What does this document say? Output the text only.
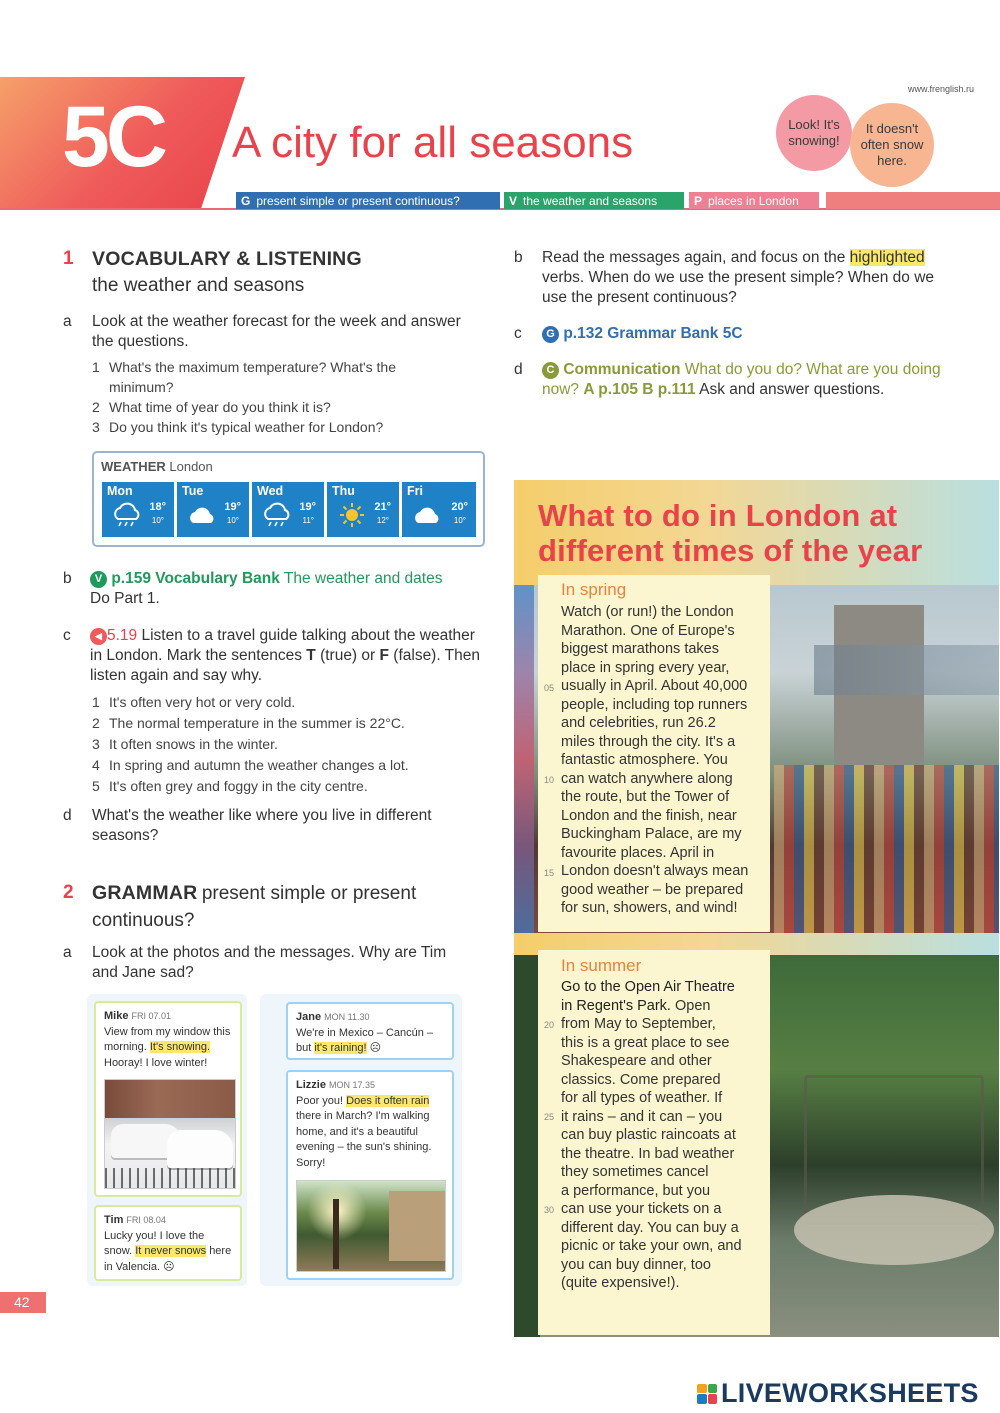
5C A city for all seasons
www.frenglish.ru
Look! It's snowing!
It doesn't often snow here.
G present simple or present continuous?	V the weather and seasons	P places in London
1 VOCABULARY & LISTENING
the weather and seasons
a Look at the weather forecast for the week and answer the questions.
1 What's the maximum temperature? What's the minimum?
2 What time of year do you think it is?
3 Do you think it's typical weather for London?
WEATHER London
Mon
18°
10°
Tue
19°
10°
Wed
19°
11°
Thu
21°
12°
Fri
20°
10°
b	V p.159 Vocabulary Bank The weather and dates
Do Part 1.
c	◀ 5.19 Listen to a travel guide talking about the weather in London. Mark the sentences T (true) or F (false). Then listen again and say why.
1 It's often very hot or very cold.
2 The normal temperature in the summer is 22°C.
3 It often snows in the winter.
4 In spring and autumn the weather changes a lot.
5 It's often grey and foggy in the city centre.
d What's the weather like where you live in different seasons?
2 GRAMMAR present simple or present
continuous?
a Look at the photos and the messages. Why are Tim and Jane sad?
Mike FRI 07.01
View from my window this morning. It's snowing. Hooray! I love winter!
Tim FRI 08.04
Lucky you! I love the snow. It never snows here in Valencia. ☹
Jane MON 11.30
We're in Mexico – Cancún – but it's raining! ☹
Lizzie MON 17.35
Poor you! Does it often rain there in March? I'm walking home, and it's a beautiful evening – the sun's shining. Sorry!
42
b Read the messages again, and focus on the highlighted verbs. When do we use the present simple? When do we use the present continuous?
c	G p.132 Grammar Bank 5C
d	C Communication What do you do? What are you doing now? A p.105 B p.111 Ask and answer questions.
What to do in London at
different times of the year
In spring
Watch (or run!) the London Marathon. One of Europe's
biggest marathons takes
place in spring every year,
usually in April. About 40,000
people, including top runners
and celebrities, run 26.2
miles through the city. It's a
fantastic atmosphere. You
can watch anywhere along
the route, but the Tower of
London and the finish, near
Buckingham Palace, are my
favourite places. April in
London doesn't always mean
good weather – be prepared
for sun, showers, and wind!
05
10
15
In summer
Go to the Open Air Theatre
in Regent's Park. Open
from May to September,
this is a great place to see
Shakespeare and other
classics. Come prepared
for all types of weather. If
it rains – and it can – you
can buy plastic raincoats at
the theatre. In bad weather
they sometimes cancel
a performance, but you
can use your tickets on a
different day. You can buy a
picnic or take your own, and
you can buy dinner, too
(quite expensive!).
20
25
30
LIVEWORKSHEETS
